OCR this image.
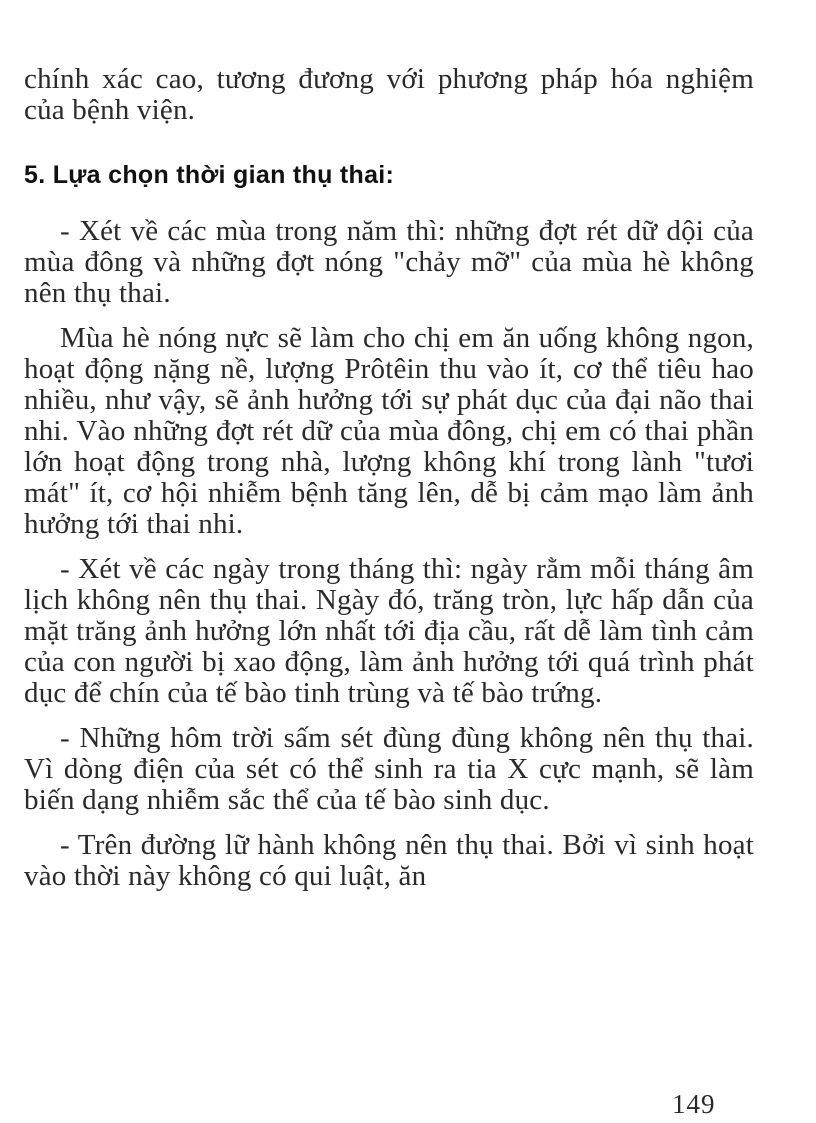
chính xác cao, tương đương với phương pháp hóa nghiệm của bệnh viện.

5. Lựa chọn thời gian thụ thai:

- Xét về các mùa trong năm thì: những đợt rét dữ dội của mùa đông và những đợt nóng "chảy mỡ" của mùa hè không nên thụ thai.

Mùa hè nóng nực sẽ làm cho chị em ăn uống không ngon, hoạt động nặng nề, lượng Prôtêin thu vào ít, cơ thể tiêu hao nhiều, như vậy, sẽ ảnh hưởng tới sự phát dục của đại não thai nhi. Vào những đợt rét dữ của mùa đông, chị em có thai phần lớn hoạt động trong nhà, lượng không khí trong lành "tươi mát" ít, cơ hội nhiễm bệnh tăng lên, dễ bị cảm mạo làm ảnh hưởng tới thai nhi.

- Xét về các ngày trong tháng thì: ngày rằm mỗi tháng âm lịch không nên thụ thai. Ngày đó, trăng tròn, lực hấp dẫn của mặt trăng ảnh hưởng lớn nhất tới địa cầu, rất dễ làm tình cảm của con người bị xao động, làm ảnh hưởng tới quá trình phát dục để chín của tế bào tinh trùng và tế bào trứng.

- Những hôm trời sấm sét đùng đùng không nên thụ thai. Vì dòng điện của sét có thể sinh ra tia X cực mạnh, sẽ làm biến dạng nhiễm sắc thể của tế bào sinh dục.

- Trên đường lữ hành không nên thụ thai. Bởi vì sinh hoạt vào thời này không có qui luật, ăn

149
